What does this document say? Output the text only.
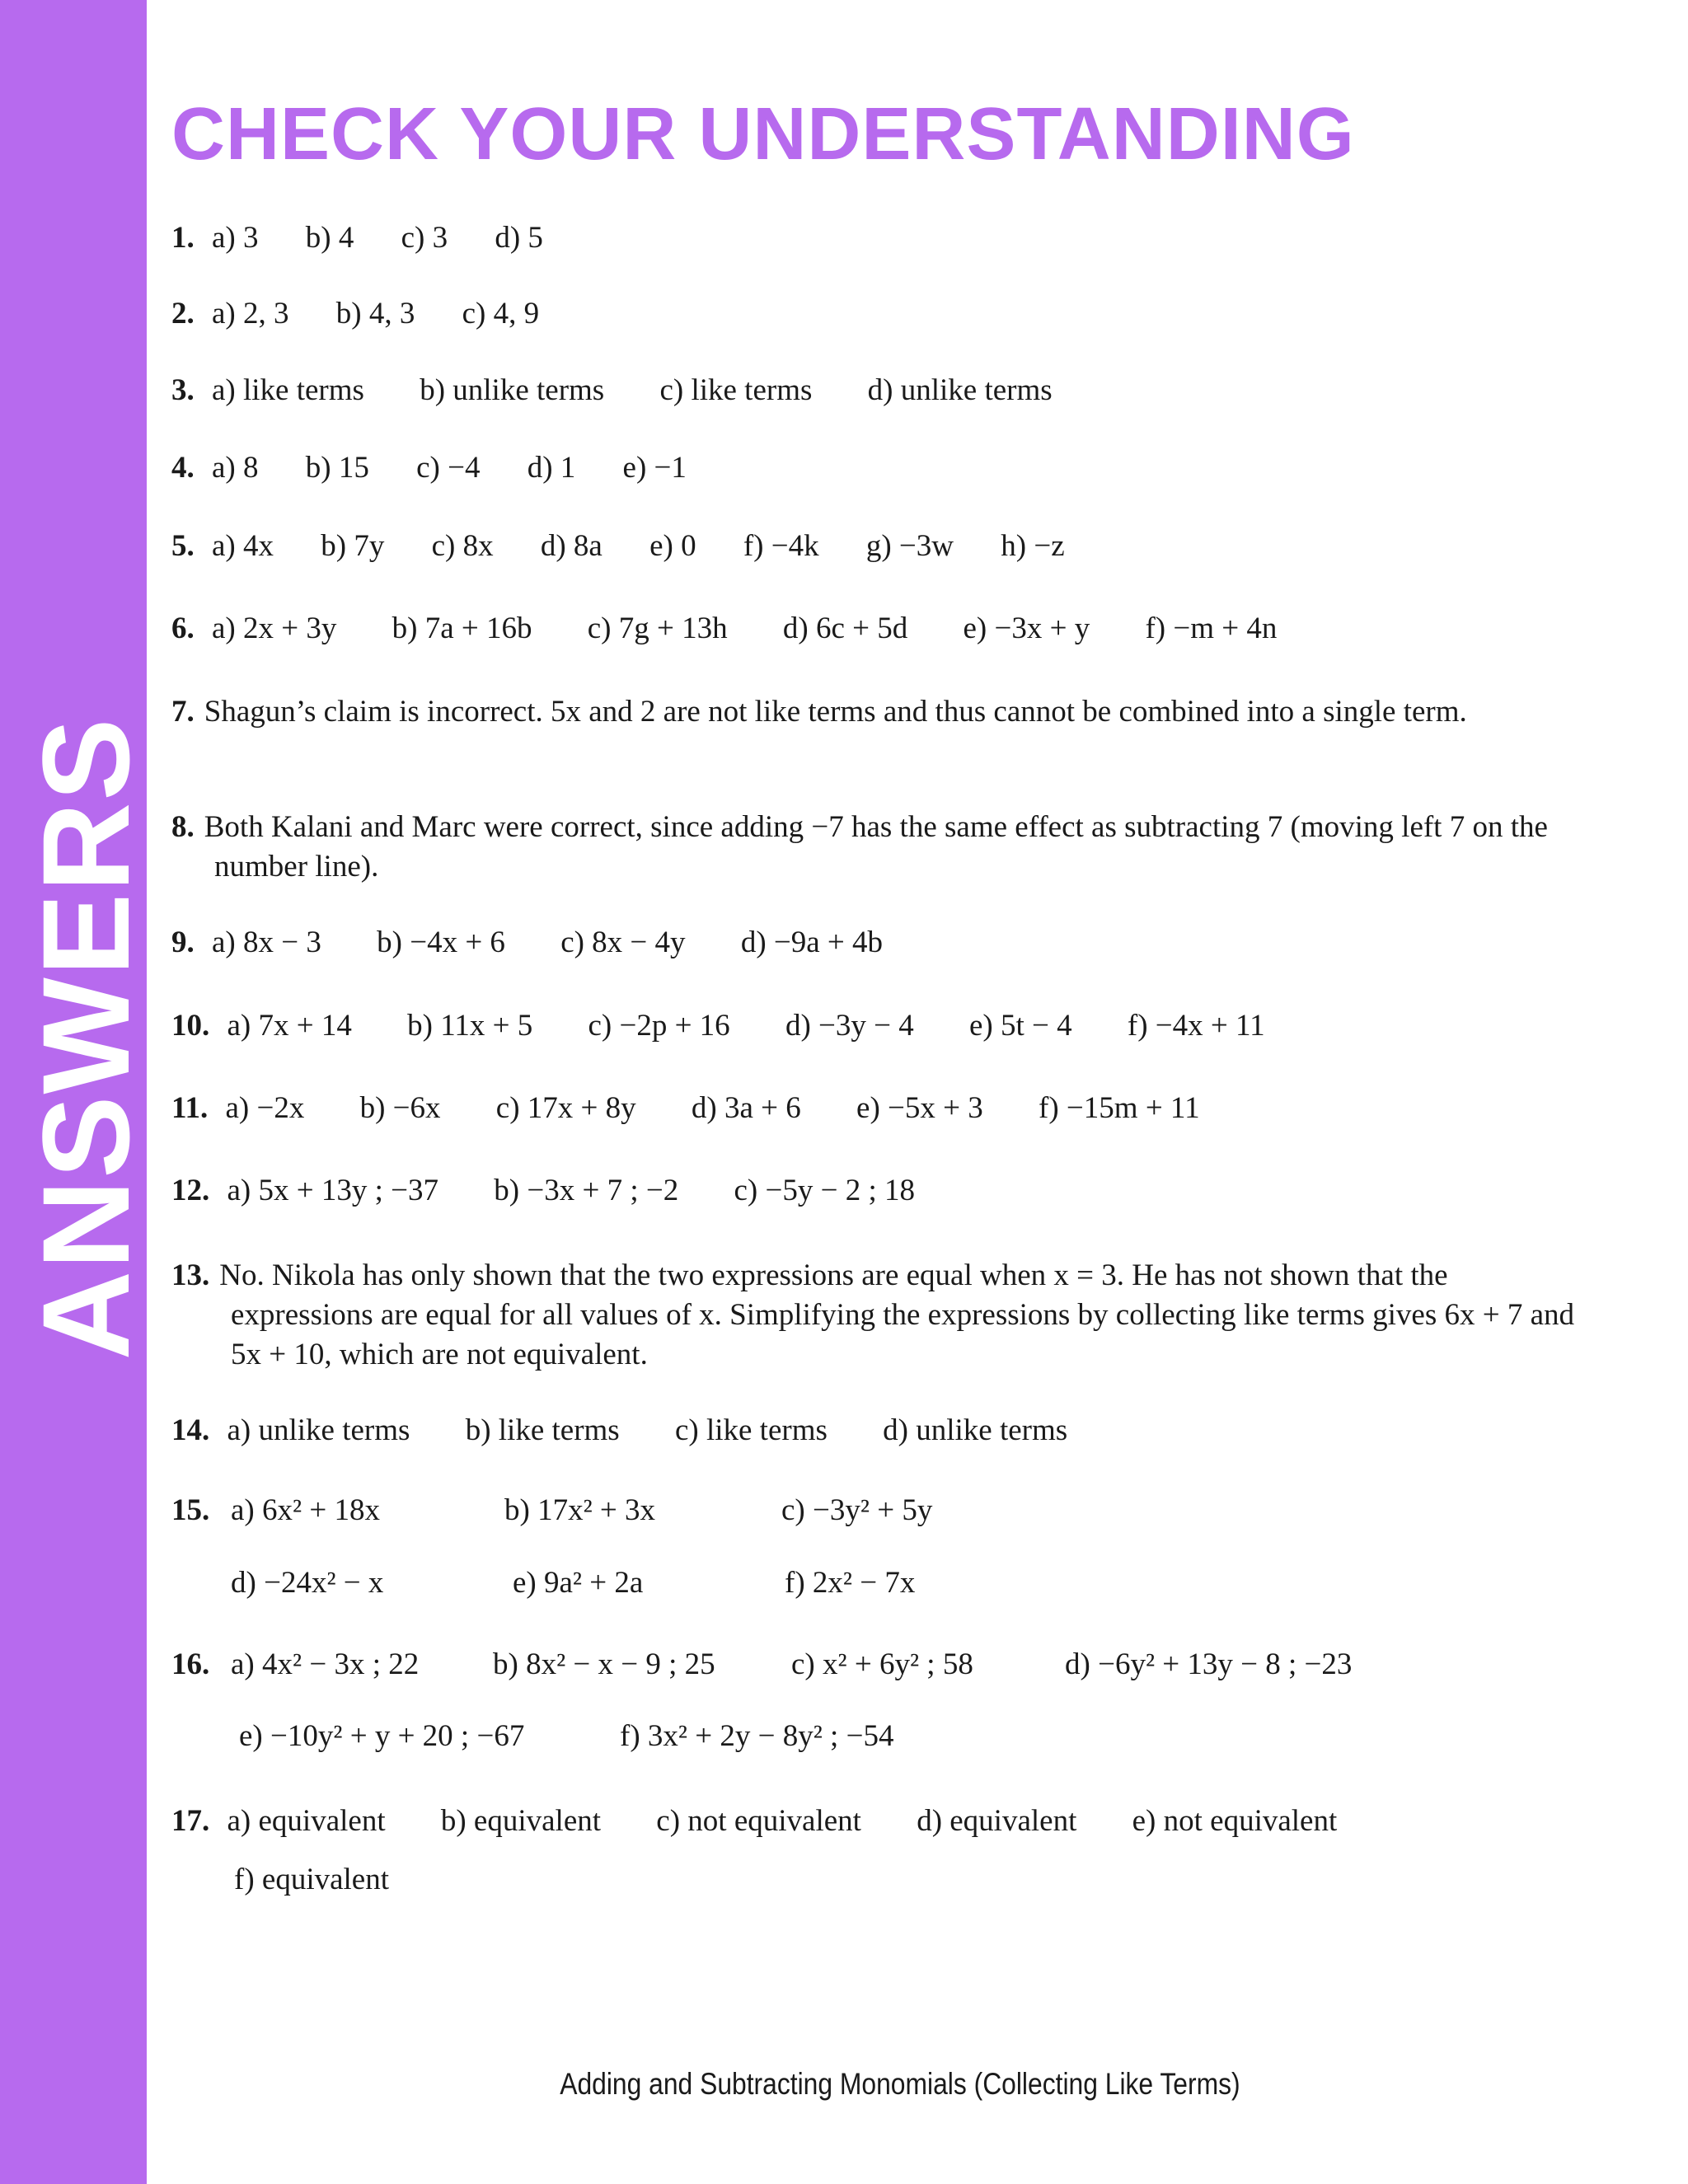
ANSWERS
CHECK YOUR UNDERSTANDING
1. a) 3 b) 4 c) 3 d) 5
2. a) 2, 3 b) 4, 3 c) 4, 9
3. a) like terms b) unlike terms c) like terms d) unlike terms
4. a) 8 b) 15 c) −4 d) 1 e) −1
5. a) 4x b) 7y c) 8x d) 8a e) 0 f) −4k g) −3w h) −z
6. a) 2x + 3y b) 7a + 16b c) 7g + 13h d) 6c + 5d e) −3x + y f) −m + 4n
7. Shagun’s claim is incorrect. 5x and 2 are not like terms and thus cannot be combined into a single term.
8. Both Kalani and Marc were correct, since adding −7 has the same effect as subtracting 7 (moving left 7 on the number line).
9. a) 8x − 3 b) −4x + 6 c) 8x − 4y d) −9a + 4b
10. a) 7x + 14 b) 11x + 5 c) −2p + 16 d) −3y − 4 e) 5t − 4 f) −4x + 11
11. a) −2x b) −6x c) 17x + 8y d) 3a + 6 e) −5x + 3 f) −15m + 11
12. a) 5x + 13y ; −37 b) −3x + 7 ; −2 c) −5y − 2 ; 18
13. No. Nikola has only shown that the two expressions are equal when x = 3. He has not shown that the expressions are equal for all values of x. Simplifying the expressions by collecting like terms gives 6x + 7 and 5x + 10, which are not equivalent.
14. a) unlike terms b) like terms c) like terms d) unlike terms
15. a) 6x² + 18x	b) 17x² + 3x	c) −3y² + 5y
d) −24x² − x	e) 9a² + 2a	f) 2x² − 7x
16. a) 4x² − 3x ; 22 b) 8x² − x − 9 ; 25 c) x² + 6y² ; 58	d) −6y² + 13y − 8 ; −23
e) −10y² + y + 20 ; −67	f) 3x² + 2y − 8y² ; −54
17. a) equivalent b) equivalent c) not equivalent d) equivalent e) not equivalent
f) equivalent
Adding and Subtracting Monomials (Collecting Like Terms)
